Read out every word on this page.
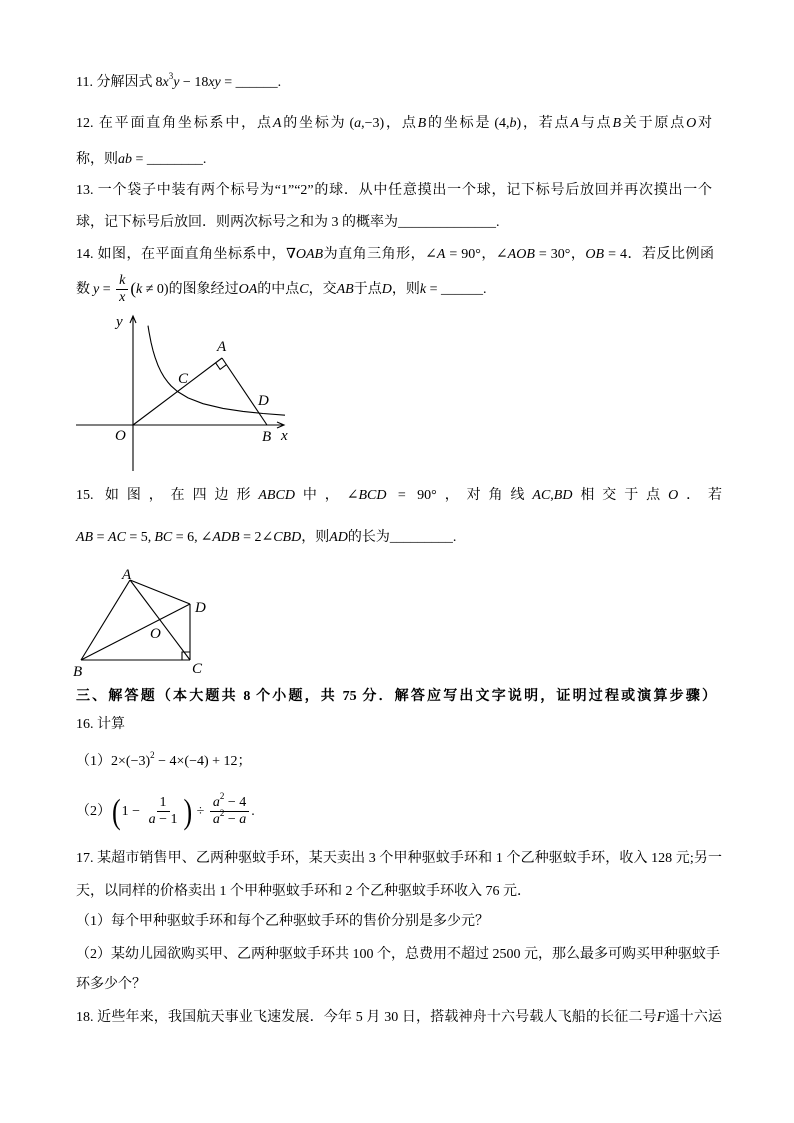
11. 分解因式 $8x^3y - 18xy$ = ______.
12. 在平面直角坐标系中，点A的坐标为 (a,−3)，点B的坐标是 (4,b)，若点A与点B关于原点O对
称，则ab = ________.
13. 一个袋子中装有两个标号为“1”“2”的球．从中任意摸出一个球，记下标号后放回并再次摸出一个
球，记下标号后放回．则两次标号之和为 3 的概率为______________.
14. 如图，在平面直角坐标系中，∇OAB为直角三角形，∠A = 90°，∠AOB = 30°，OB = 4．若反比例函
数 $y = \frac{k}{x} (k \ne 0)$的图象经过OA的中点C，交AB于点D，则k = ______.
y
O	x
B
A
C
D
15. 如图，在四边形ABCD中，∠BCD = 90°，对角线AC,BD相交于点O．若
AB = AC = 5, BC = 6, ∠ADB = 2∠CBD，则AD的长为_________.
A
D
B	C
O
三、解答题（本大题共 8 个小题，共 75 分．解答应写出文字说明，证明过程或演算步骤）
16. 计算
$(1)2\times(-3)^2 - 4\times(-4) + 12$；
$(2)(1 - \frac{1}{a - 1}$ ) ÷ $\frac{a^2 - 4}{a^2 - a}$ .
17. 某超市销售甲、乙两种驱蚊手环，某天卖出 3 个甲种驱蚊手环和 1 个乙种驱蚊手环，收入 128 元;另一
天，以同样的价格卖出 1 个甲种驱蚊手环和 2 个乙种驱蚊手环收入 76 元．
（1）每个甲种驱蚊手环和每个乙种驱蚊手环的售价分别是多少元？
（2）某幼儿园欲购买甲、乙两种驱蚊手环共 100 个，总费用不超过 2500 元，那么最多可购买甲种驱蚊手
环多少个？
18. 近些年来，我国航天事业飞速发展．今年 5 月 30 日，搭载神舟十六号载人飞船的长征二号F遥十六运
